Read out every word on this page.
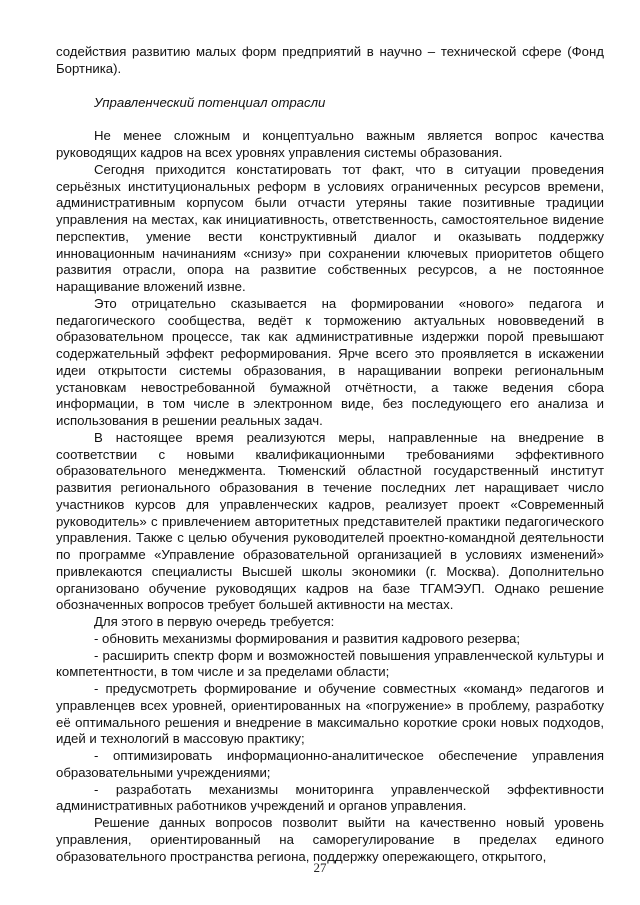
содействия развитию малых форм предприятий в научно – технической сфере (Фонд Бортника).

Управленческий потенциал отрасли

Не менее сложным и концептуально важным является вопрос качества руководящих кадров на всех уровнях управления системы образования.

Сегодня приходится констатировать тот факт, что в ситуации проведения серьёзных институциональных реформ в условиях ограниченных ресурсов времени, административным корпусом были отчасти утеряны такие позитивные традиции управления на местах, как инициативность, ответственность, самостоятельное видение перспектив, умение вести конструктивный диалог и оказывать поддержку инновационным начинаниям «снизу» при сохранении ключевых приоритетов общего развития отрасли, опора на развитие собственных ресурсов, а не постоянное наращивание вложений извне.

Это отрицательно сказывается на формировании «нового» педагога и педагогического сообщества, ведёт к торможению актуальных нововведений в образовательном процессе, так как административные издержки порой превышают содержательный эффект реформирования. Ярче всего это проявляется в искажении идеи открытости системы образования, в наращивании вопреки региональным установкам невостребованной бумажной отчётности, а также ведения сбора информации, в том числе в электронном виде, без последующего его анализа и использования в решении реальных задач.

В настоящее время реализуются меры, направленные на внедрение в соответствии с новыми квалификационными требованиями эффективного образовательного менеджмента. Тюменский областной государственный институт развития регионального образования в течение последних лет наращивает число участников курсов для управленческих кадров, реализует проект «Современный руководитель» с привлечением авторитетных представителей практики педагогического управления. Также с целью обучения руководителей проектно-командной деятельности по программе «Управление образовательной организацией в условиях изменений» привлекаются специалисты Высшей школы экономики (г. Москва). Дополнительно организовано обучение руководящих кадров на базе ТГАМЭУП. Однако решение обозначенных вопросов требует большей активности на местах.

Для этого в первую очередь требуется:

- обновить механизмы формирования и развития кадрового резерва;

- расширить спектр форм и возможностей повышения управленческой культуры и компетентности, в том числе и за пределами области;

- предусмотреть формирование и обучение совместных «команд» педагогов и управленцев всех уровней, ориентированных на «погружение» в проблему, разработку её оптимального решения и внедрение в максимально короткие сроки новых подходов, идей и технологий в массовую практику;

- оптимизировать информационно-аналитическое обеспечение управления образовательными учреждениями;

- разработать механизмы мониторинга управленческой эффективности административных работников учреждений и органов управления.

Решение данных вопросов позволит выйти на качественно новый уровень управления, ориентированный на саморегулирование в пределах единого образовательного пространства региона, поддержку опережающего, открытого,

27
